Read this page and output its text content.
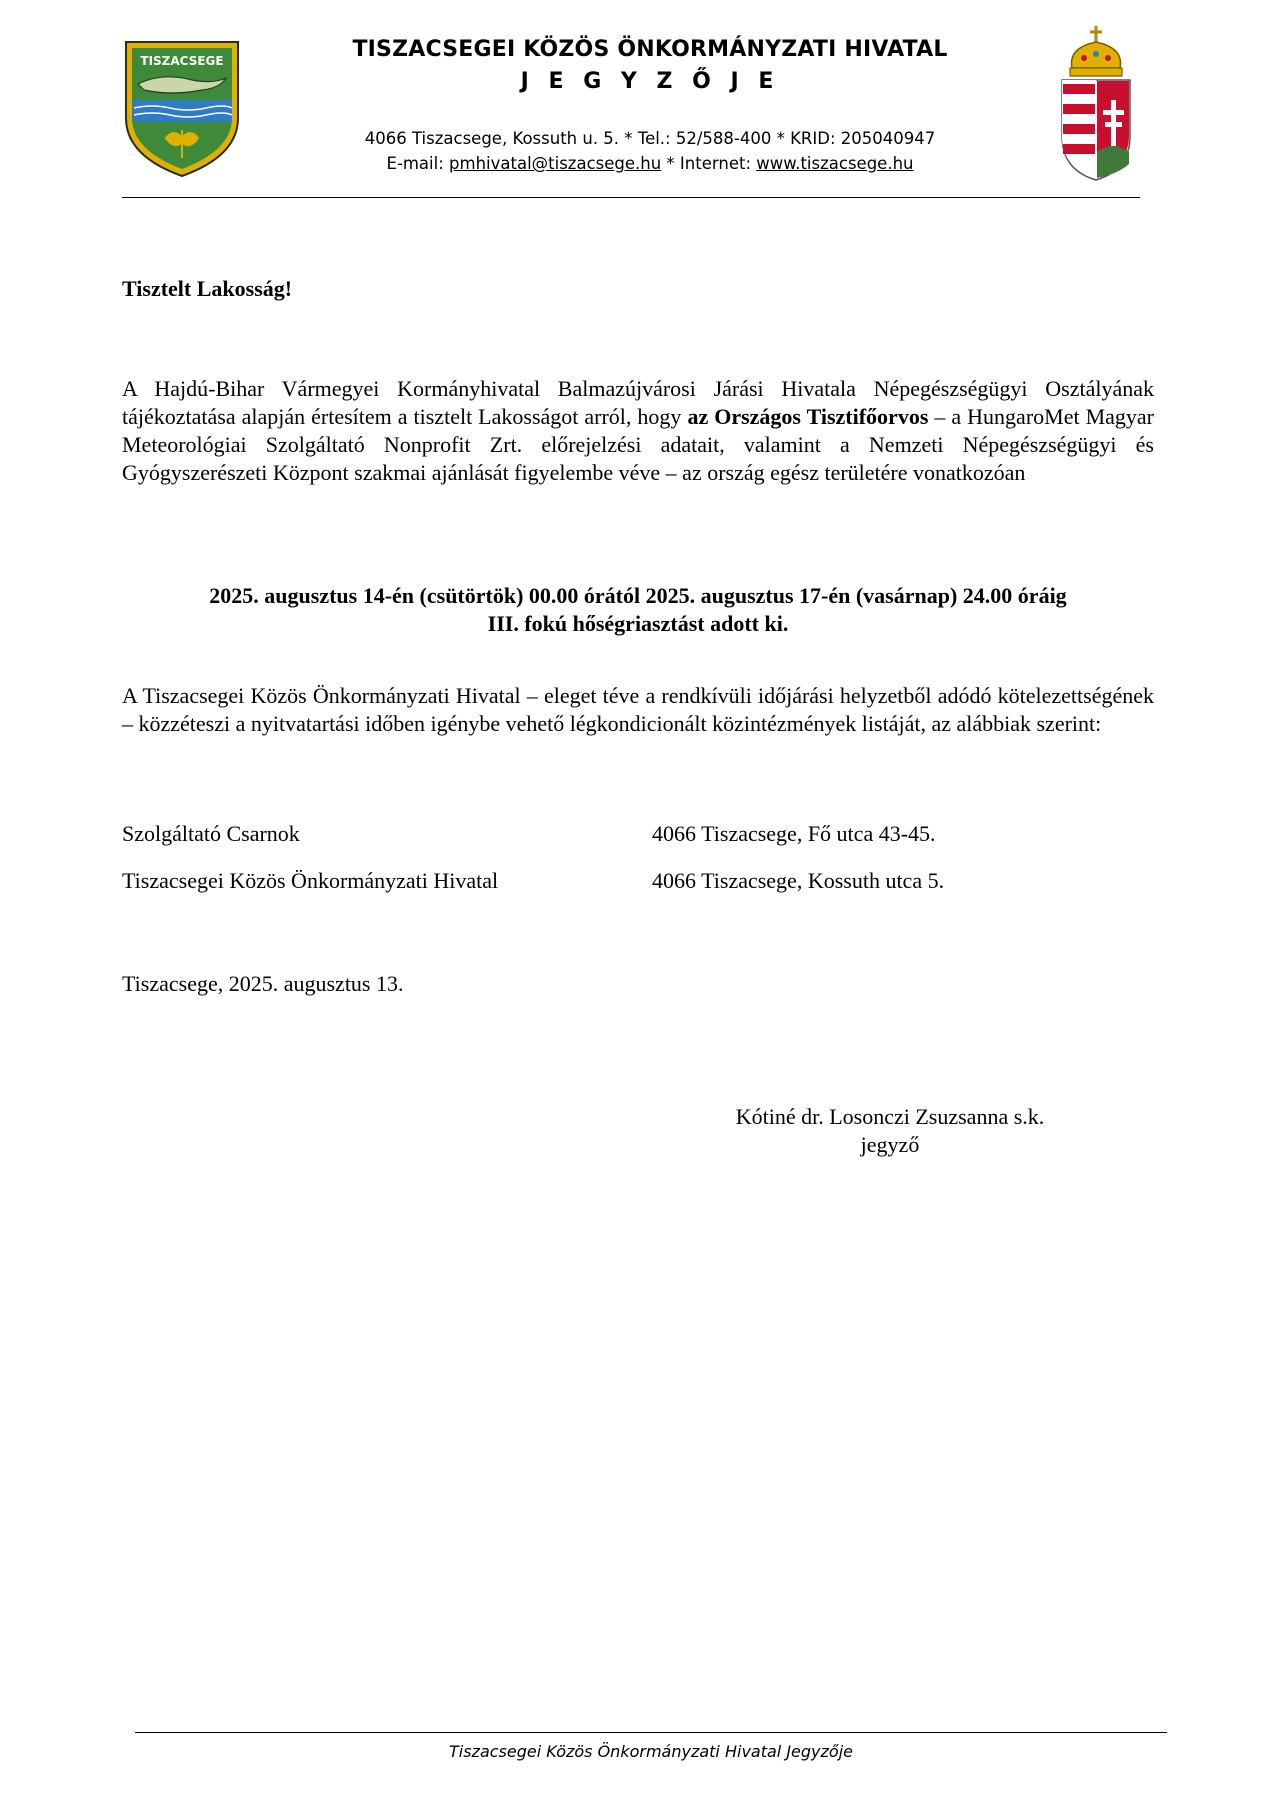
TISZACSEGE	TISZACSEGEI KÖZÖS ÖNKORMÁNYZATI HIVATAL
J E G Y Z Ő J E
4066 Tiszacsege, Kossuth u. 5. * Tel.: 52/588-400 * KRID: 205040947
E-mail: pmhivatal@tiszacsege.hu * Internet: www.tiszacsege.hu

Tisztelt Lakosság!

A Hajdú-Bihar Vármegyei Kormányhivatal Balmazújvárosi Járási Hivatala Népegészségügyi Osztályának tájékoztatása alapján értesítem a tisztelt Lakosságot arról, hogy az Országos Tisztifőorvos – a HungaroMet Magyar Meteorológiai Szolgáltató Nonprofit Zrt. előrejelzési adatait, valamint a Nemzeti Népegészségügyi és Gyógyszerészeti Központ szakmai ajánlását figyelembe véve – az ország egész területére vonatkozóan

2025. augusztus 14-én (csütörtök) 00.00 órától 2025. augusztus 17-én (vasárnap) 24.00 óráig
III. fokú hőségriasztást adott ki.

A Tiszacsegei Közös Önkormányzati Hivatal – eleget téve a rendkívüli időjárási helyzetből adódó kötelezettségének – közzéteszi a nyitvatartási időben igénybe vehető légkondicionált közintézmények listáját, az alábbiak szerint:

Szolgáltató Csarnok	4066 Tiszacsege, Fő utca 43-45.
Tiszacsegei Közös Önkormányzati Hivatal	4066 Tiszacsege, Kossuth utca 5.

Tiszacsege, 2025. augusztus 13.

Kótiné dr. Losonczi Zsuzsanna s.k.
jegyző
Tiszacsegei Közös Önkormányzati Hivatal Jegyzője
